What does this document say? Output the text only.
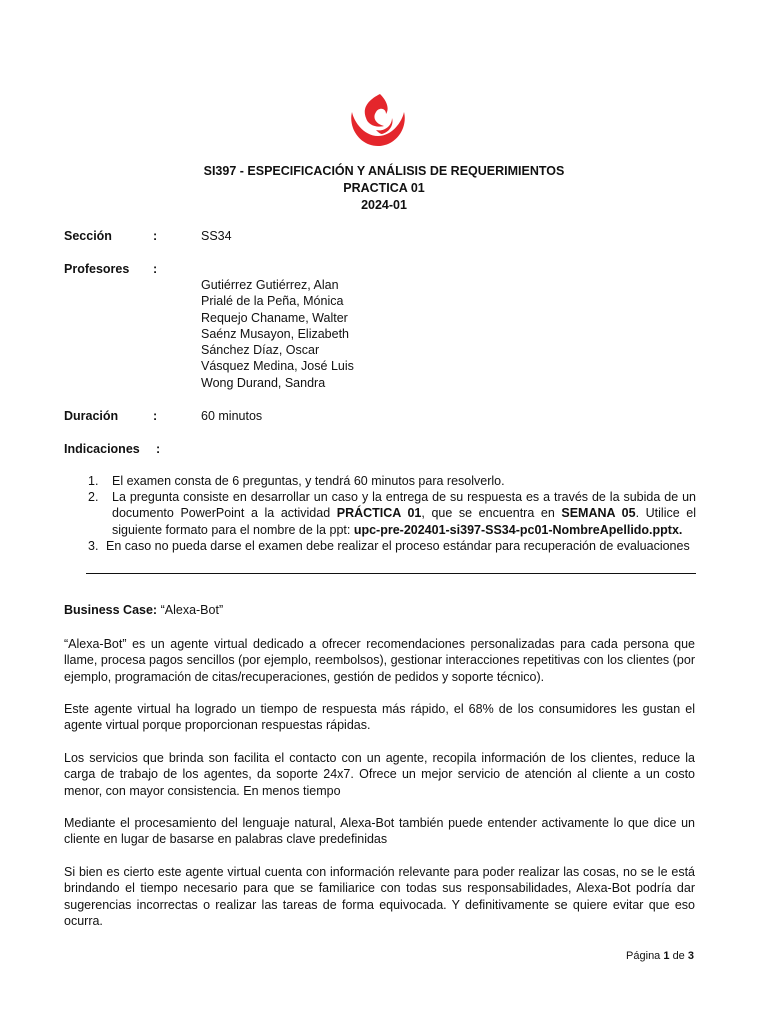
SI397 - ESPECIFICACIÓN Y ANÁLISIS DE REQUERIMIENTOS
PRACTICA 01
2024-01
Sección	:	SS34
Profesores :
Gutiérrez Gutiérrez, Alan
Prialé de la Peña, Mónica
Requejo Chaname, Walter
Saénz Musayon, Elizabeth
Sánchez Díaz, Oscar
Vásquez Medina, José Luis
Wong Durand, Sandra
Duración	:	60 minutos
Indicaciones :
1. El examen consta de 6 preguntas, y tendrá 60 minutos para resolverlo.
2. La pregunta consiste en desarrollar un caso y la entrega de su respuesta es a través de la subida de un documento PowerPoint a la actividad PRÁCTICA 01, que se encuentra en SEMANA 05. Utilice el siguiente formato para el nombre de la ppt: upc-pre-202401-si397-SS34-pc01-NombreApellido.pptx.
3. En caso no pueda darse el examen debe realizar el proceso estándar para recuperación de evaluaciones
Business Case: “Alexa-Bot”
“Alexa-Bot” es un agente virtual dedicado a ofrecer recomendaciones personalizadas para cada persona que llame, procesa pagos sencillos (por ejemplo, reembolsos), gestionar interacciones repetitivas con los clientes (por ejemplo, programación de citas/recuperaciones, gestión de pedidos y soporte técnico).
Este agente virtual ha logrado un tiempo de respuesta más rápido, el 68% de los consumidores les gustan el agente virtual porque proporcionan respuestas rápidas.
Los servicios que brinda son facilita el contacto con un agente, recopila información de los clientes, reduce la carga de trabajo de los agentes, da soporte 24x7. Ofrece un mejor servicio de atención al cliente a un costo menor, con mayor consistencia. En menos tiempo
Mediante el procesamiento del lenguaje natural, Alexa-Bot también puede entender activamente lo que dice un cliente en lugar de basarse en palabras clave predefinidas
Si bien es cierto este agente virtual cuenta con información relevante para poder realizar las cosas, no se le está brindando el tiempo necesario para que se familiarice con todas sus responsabilidades, Alexa-Bot podría dar sugerencias incorrectas o realizar las tareas de forma equivocada. Y definitivamente se quiere evitar que eso ocurra.
Página 1 de 3
